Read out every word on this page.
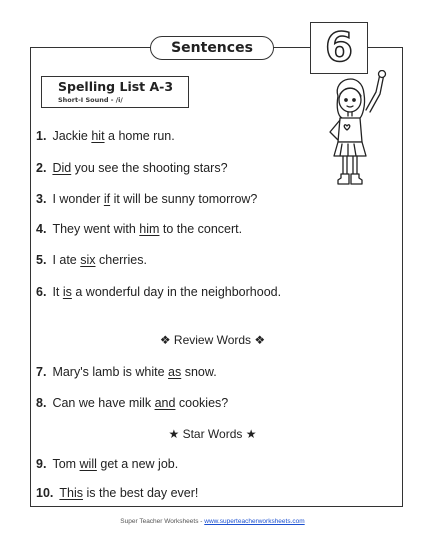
Sentences	6
Spelling List A-3
Short-I Sound - /i/
1. Jackie hit a home run.
2. Did you see the shooting stars?
3. I wonder if it will be sunny tomorrow?
4. They went with him to the concert.
5. I ate six cherries.
6. It is a wonderful day in the neighborhood.
❖ Review Words ❖
7. Mary's lamb is white as snow.
8. Can we have milk and cookies?
★ Star Words ★
9. Tom will get a new job.
10. This is the best day ever!
Super Teacher Worksheets - www.superteacherworksheets.com
